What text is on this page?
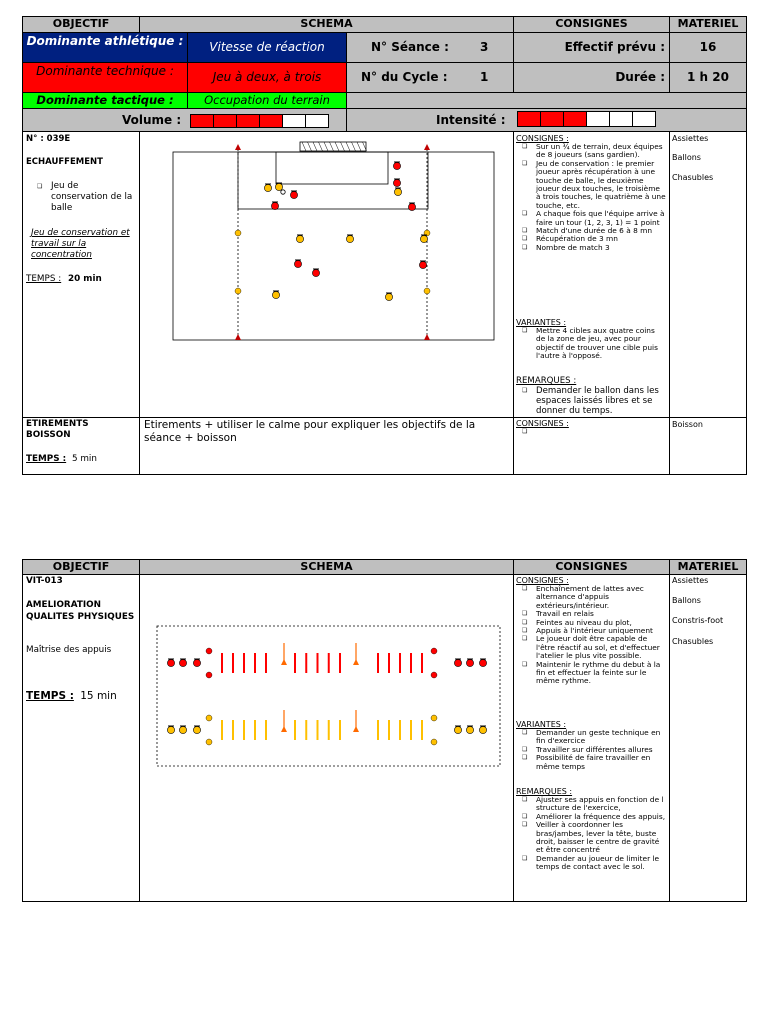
OBJECTIF	SCHEMA	CONSIGNES	MATERIEL
Dominante athlétique :	Vitesse de réaction	N° Séance :	3	Effectif prévu :	16
Dominante technique :	Jeu à deux, à trois	N° du Cycle :	1	Durée :	1 h 20
Dominante tactique :	Occupation du terrain
Volume :	Intensité :
N° : 039E
ECHAUFFEMENT
❏ Jeu de conservation de la balle
Jeu de conservation et travail sur la concentration
TEMPS : 20 min
CONSIGNES :
❏ Sur un ¾ de terrain, deux équipes de 8 joueurs (sans gardien).
❏ Jeu de conservation : le premier joueur après récupération à une touche de balle, le deuxième joueur deux touches, le troisième à trois touches, le quatrième à une touche, etc.
❏ A chaque fois que l'équipe arrive à faire un tour (1, 2, 3, 1) = 1 point
❏ Match d'une durée de 6 à 8 mn
❏ Récupération de 3 mn
❏ Nombre de match 3
VARIANTES :
❏ Mettre 4 cibles aux quatre coins de la zone de jeu, avec pour objectif de trouver une cible puis l'autre à l'opposé.
REMARQUES :
❏ Demander le ballon dans les espaces laissés libres et se donner du temps.
Assiettes
Ballons
Chasubles
ETIREMENTS
BOISSON
TEMPS : 5 min
Etirements + utiliser le calme pour expliquer les objectifs de la séance + boisson
CONSIGNES :
❏	Boisson
OBJECTIF	SCHEMA	CONSIGNES	MATERIEL
VIT-013
AMELIORATION QUALITES PHYSIQUES
Maîtrise des appuis
TEMPS : 15 min
CONSIGNES :
❏ Enchaînement de lattes avec alternance d'appuis extérieurs/intérieur.
❏ Travail en relais
❏ Feintes au niveau du plot,
❏ Appuis à l'intérieur uniquement
❏ Le joueur doit être capable de l'être réactif au sol, et d'effectuer l'atelier le plus vite possible.
❏ Maintenir le rythme du debut à la fin et effectuer la feinte sur le même rythme.
VARIANTES :
❏ Demander un geste technique en fin d'exercice
❏ Travailler sur différentes allures
❏ Possibilité de faire travailler en même temps
REMARQUES :
❏ Ajuster ses appuis en fonction de l structure de l'exercice,
❏ Améliorer la fréquence des appuis,
❏ Veiller à coordonner les bras/jambes, lever la tête, buste droit, baisser le centre de gravité et être concentré
❏ Demander au joueur de limiter le temps de contact avec le sol.
Assiettes
Ballons
Constris-foot
Chasubles
